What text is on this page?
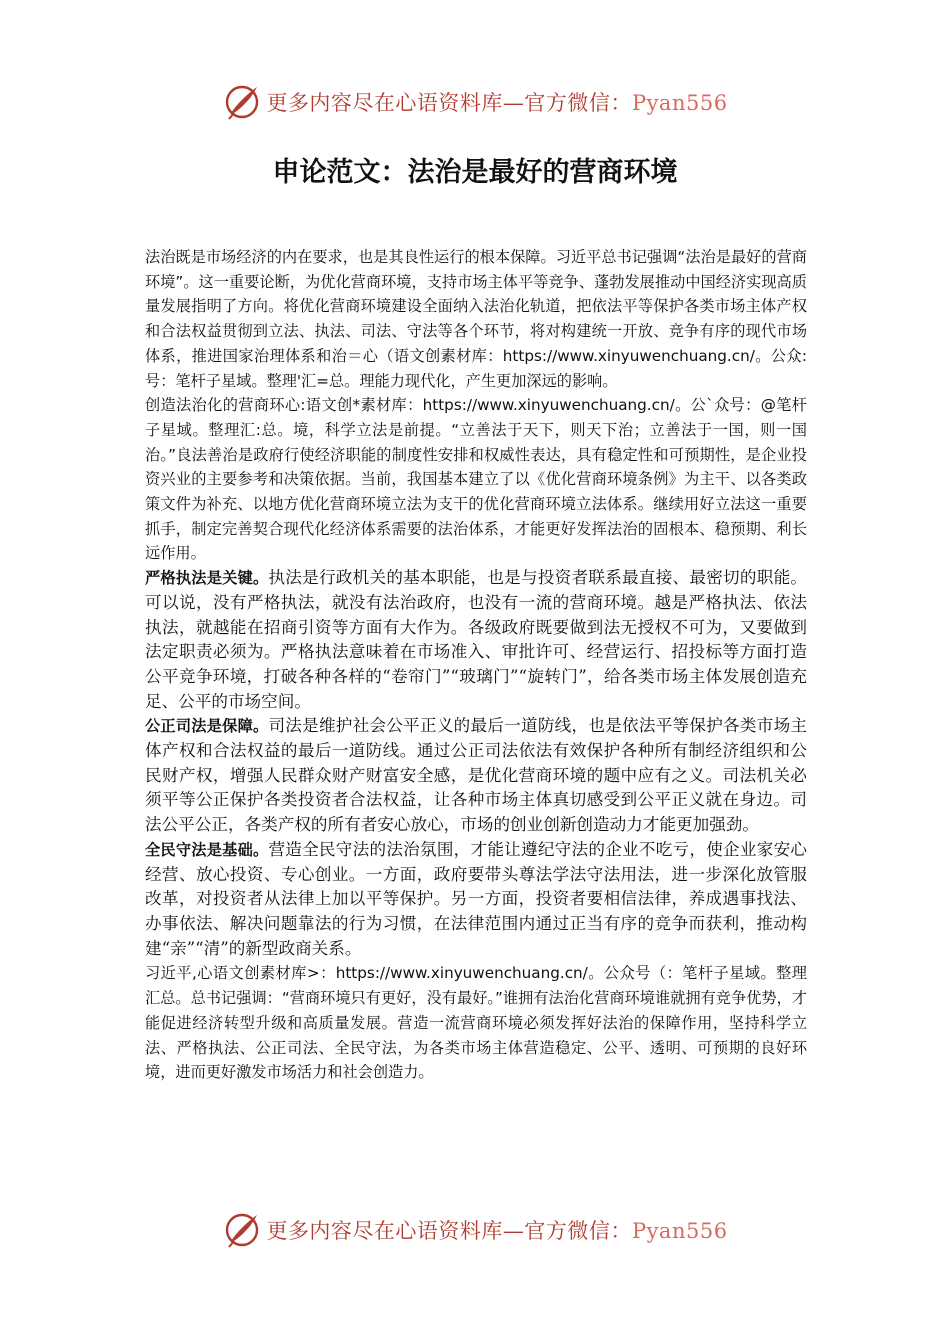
更多内容尽在心语资料库—官方微信：Pyan556
申论范文：法治是最好的营商环境

法治既是市场经济的内在要求，也是其良性运行的根本保障。习近平总书记强调“法治是最好的营商环境”。这一重要论断，为优化营商环境，支持市场主体平等竞争、蓬勃发展推动中国经济实现高质量发展指明了方向。将优化营商环境建设全面纳入法治化轨道，把依法平等保护各类市场主体产权和合法权益贯彻到立法、执法、司法、守法等各个环节，将对构建统一开放、竞争有序的现代市场体系，推进国家治理体系和治＝心（语文创素材库：https://www.xinyuwenchuang.cn/。公众:号：笔杆子星域。整理'汇=总。理能力现代化，产生更加深远的影响。

创造法治化的营商环心:语文创*素材库：https://www.xinyuwenchuang.cn/。公`众号：@笔杆子星域。整理汇:总。境，科学立法是前提。“立善法于天下，则天下治；立善法于一国，则一国治。”良法善治是政府行使经济职能的制度性安排和权威性表达，具有稳定性和可预期性，是企业投资兴业的主要参考和决策依据。当前，我国基本建立了以《优化营商环境条例》为主干、以各类政策文件为补充、以地方优化营商环境立法为支干的优化营商环境立法体系。继续用好立法这一重要抓手，制定完善契合现代化经济体系需要的法治体系，才能更好发挥法治的固根本、稳预期、利长远作用。

严格执法是关键。执法是行政机关的基本职能，也是与投资者联系最直接、最密切的职能。可以说，没有严格执法，就没有法治政府，也没有一流的营商环境。越是严格执法、依法执法，就越能在招商引资等方面有大作为。各级政府既要做到法无授权不可为，又要做到法定职责必须为。严格执法意味着在市场准入、审批许可、经营运行、招投标等方面打造公平竞争环境，打破各种各样的“卷帘门”“玻璃门”“旋转门”，给各类市场主体发展创造充足、公平的市场空间。

公正司法是保障。司法是维护社会公平正义的最后一道防线，也是依法平等保护各类市场主体产权和合法权益的最后一道防线。通过公正司法依法有效保护各种所有制经济组织和公民财产权，增强人民群众财产财富安全感，是优化营商环境的题中应有之义。司法机关必须平等公正保护各类投资者合法权益，让各种市场主体真切感受到公平正义就在身边。司法公平公正，各类产权的所有者安心放心，市场的创业创新创造动力才能更加强劲。

全民守法是基础。营造全民守法的法治氛围，才能让遵纪守法的企业不吃亏，使企业家安心经营、放心投资、专心创业。一方面，政府要带头尊法学法守法用法，进一步深化放管服改革，对投资者从法律上加以平等保护。另一方面，投资者要相信法律，养成遇事找法、办事依法、解决问题靠法的行为习惯，在法律范围内通过正当有序的竞争而获利，推动构建“亲”“清”的新型政商关系。

习近平,心语文创素材库>：https://www.xinyuwenchuang.cn/。公众号（：笔杆子星域。整理汇总。总书记强调：“营商环境只有更好，没有最好。”谁拥有法治化营商环境谁就拥有竞争优势，才能促进经济转型升级和高质量发展。营造一流营商环境必须发挥好法治的保障作用，坚持科学立法、严格执法、公正司法、全民守法，为各类市场主体营造稳定、公平、透明、可预期的良好环境，进而更好激发市场活力和社会创造力。

更多内容尽在心语资料库—官方微信：Pyan556
